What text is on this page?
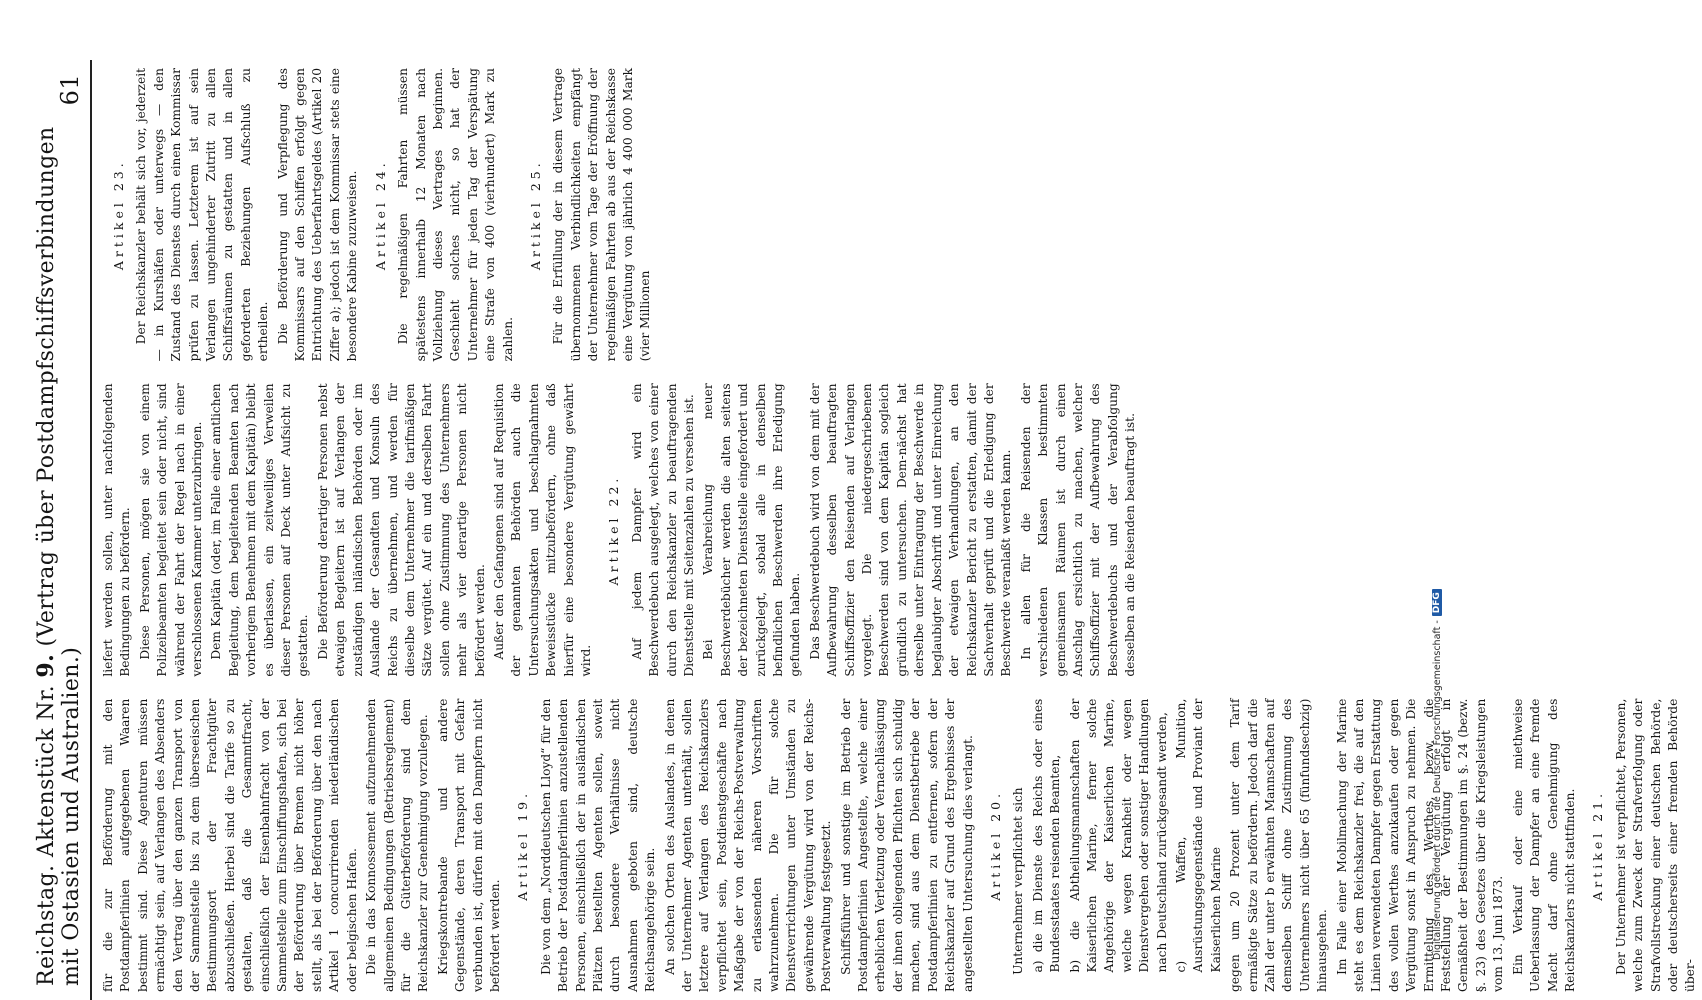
Reichstag. Aktenstück Nr. 9. (Vertrag über Postdampfschiffsverbindungen mit Ostasien und Australien.)
61

für die zur Beförderung mit den Postdampferlinien aufgegebenen Waaren bestimmt sind. Diese Agenturen müssen ermächtigt sein, auf Verlangen des Absenders den Vertrag über den ganzen Transport von der Sammelstelle bis zu dem überseeischen Bestimmungsort der Frachtgüter abzuschließen. Hierbei sind die Tarife so zu gestalten, daß die Gesammtfracht, einschließlich der Eisenbahnfracht von der Sammelstelle zum Einschiffungshafen, sich bei der Beförderung über Bremen nicht höher stellt, als bei der Beförderung über den nach Artikel 1 concurrirenden niederländischen oder belgischen Hafen. Die in das Konnossement aufzunehmenden allgemeinen Bedingungen (Betriebsreglement) für die Güterbeförderung sind dem Reichskanzler zur Genehmigung vorzulegen. Kriegskontrebande und andere Gegenstände, deren Transport mit Gefahr verbunden ist, dürfen mit den Dampfern nicht befördert werden.

Artikel 19. Die von dem „Norddeutschen Lloyd“ für den Betrieb der Postdampferlinien anzustellenden Personen, einschließlich der in ausländischen Plätzen bestellten Agenten sollen, soweit durch besondere Verhältnisse nicht Ausnahmen geboten sind, deutsche Reichsangehörige sein. An solchen Orten des Auslandes, in denen der Unternehmer Agenten unterhält, sollen letztere auf Verlangen des Reichskanzlers verpflichtet sein, Postdienstgeschäfte nach Maßgabe der von der Reichs-Postverwaltung zu erlassenden näheren Vorschriften wahrzunehmen. Die für solche Dienstverrichtungen unter Umständen zu gewährende Vergütung wird von der Reichs-Postverwaltung festgesetzt. Schiffsführer und sonstige im Betrieb der Postdampferlinien Angestellte, welche einer erheblichen Verletzung oder Vernachlässigung der ihnen obliegenden Pflichten sich schuldig machen, sind aus dem Dienstbetriebe der Postdampferlinien zu entfernen, sofern der Reichskanzler auf Grund des Ergebnisses der angestellten Untersuchung dies verlangt. Artikel 20. Unternehmer verpflichtet sich a) die im Dienste des Reichs oder eines Bundesstaates reisenden Beamten, b) die Abtheilungsmannschaften der Kaiserlichen Marine, ferner solche Angehörige der Kaiserlichen Marine, welche wegen Krankheit oder wegen Dienstvergehen oder sonstiger Handlungen nach Deutschland zurückgesandt werden, c) Waffen, Munition, Ausrüstungsgegenstände und Proviant der Kaiserlichen Marine gegen um 20 Prozent unter dem Tarif ermäßigte Sätze zu befördern. Jedoch darf die Zahl der unter b erwähnten Mannschaften auf demselben Schiff ohne Zustimmung des Unternehmers nicht über 65 (fünfundsechzig) hinausgehen. Im Falle einer Mobilmachung der Marine steht es dem Reichskanzler frei, die auf den Linien verwendeten Dampfer gegen Erstattung des vollen Werthes anzukaufen oder gegen Vergütung sonst in Anspruch zu nehmen. Die Ermittelung des Werthes, bezw. die Feststellung der Vergütung erfolgt in Gemäßheit der Bestimmungen im §. 24 (bezw. §. 23) des Gesetzes über die Kriegsleistungen vom 13. Juni 1873. Ein Verkauf oder eine miethweise Ueberlassung der Dampfer an eine fremde Macht darf ohne Genehmigung des Reichskanzlers nicht stattfinden. Artikel 21. Der Unternehmer ist verpflichtet, Personen, welche zum Zweck der Strafverfolgung oder Strafvollstreckung einer deutschen Behörde, oder deutscherseits einer fremden Behörde über-

liefert werden sollen, unter nachfolgenden Bedingungen zu befördern. Diese Personen, mögen sie von einem Polizeibeamten begleitet sein oder nicht, sind während der Fahrt der Regel nach in einer verschlossenen Kammer unterzubringen. Dem Kapitän (oder, im Falle einer amtlichen Begleitung, dem begleitenden Beamten nach vorherigem Benehmen mit dem Kapitän) bleibt es überlassen, ein zeitweiliges Verweilen dieser Personen auf Deck unter Aufsicht zu gestatten. Die Beförderung derartiger Personen nebst etwaigen Begleitern ist auf Verlangen der zuständigen inländischen Behörden oder im Auslande der Gesandten und Konsuln des Reichs zu übernehmen, und werden für dieselbe dem Unternehmer die tarifmäßigen Sätze vergütet. Auf ein und derselben Fahrt sollen ohne Zustimmung des Unternehmers mehr als vier derartige Personen nicht befördert werden. Außer den Gefangenen sind auf Requisition der genannten Behörden auch die Untersuchungsakten und beschlagnahmten Beweisstücke mitzubefördern, ohne daß hierfür eine besondere Vergütung gewährt wird.

Artikel 22. Auf jedem Dampfer wird ein Beschwerdebuch ausgelegt, welches von einer durch den Reichskanzler zu beauftragenden Dienststelle mit Seitenzahlen zu versehen ist. Bei Verabreichung neuer Beschwerdebücher werden die alten seitens der bezeichneten Dienststelle eingefordert und zurückgelegt, sobald alle in denselben befindlichen Beschwerden ihre Erledigung gefunden haben. Das Beschwerdebuch wird von dem mit der Aufbewahrung desselben beauftragten Schiffsoffizier den Reisenden auf Verlangen vorgelegt. Die niedergeschriebenen Beschwerden sind von dem Kapitän sogleich gründlich zu untersuchen. Dem-nächst hat derselbe unter Eintragung der Beschwerde in beglaubigter Abschrift und unter Einreichung der etwaigen Verhandlungen, an den Reichskanzler Bericht zu erstatten, damit der Sachverhalt geprüft und die Erledigung der Beschwerde veranlaßt werden kann. In allen für die Reisenden der verschiedenen Klassen bestimmten gemeinsamen Räumen ist durch einen Anschlag ersichtlich zu machen, welcher Schiffsoffizier mit der Aufbewahrung des Beschwerdebuchs und der Verabfolgung desselben an die Reisenden beauftragt ist.

Artikel 23. Der Reichskanzler behält sich vor, jederzeit — in Kurshäfen oder unterwegs — den Zustand des Dienstes durch einen Kommissar prüfen zu lassen. Letzterem ist auf sein Verlangen ungehinderter Zutritt zu allen Schiffsräumen zu gestatten und in allen geforderten Beziehungen Aufschluß zu ertheilen. Die Beförderung und Verpflegung des Kommissars auf den Schiffen erfolgt gegen Entrichtung des Ueberfahrtsgeldes (Artikel 20 Ziffer a); jedoch ist dem Kommissar stets eine besondere Kabine zuzuweisen. Artikel 24. Die regelmäßigen Fahrten müssen spätestens innerhalb 12 Monaten nach Vollziehung dieses Vertrages beginnen. Geschieht solches nicht, so hat der Unternehmer für jeden Tag der Verspätung eine Strafe von 400 (vierhundert) Mark zu zahlen.

Artikel 25. Für die Erfüllung der in diesem Vertrage übernommenen Verbindlichkeiten empfängt der Unternehmer vom Tage der Eröffnung der regelmäßigen Fahrten ab aus der Reichskasse eine Vergütung von jährlich 4 400 000 Mark (vier Millionen

Digitalisierung gefördert durch die Deutsche Forschungsgemeinschaft -
DFG
